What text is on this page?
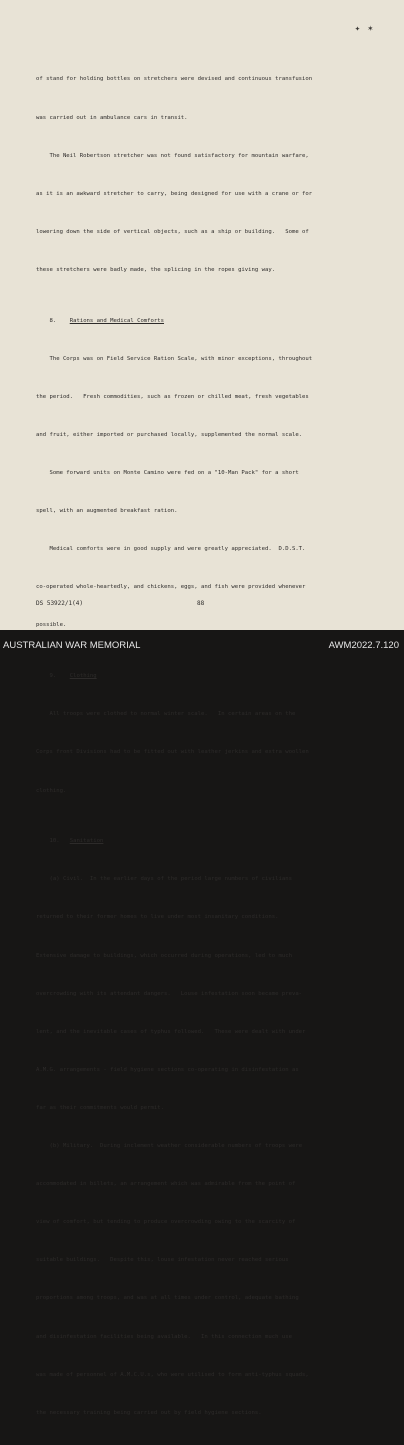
✦ ✶

of stand for holding bottles on stretchers were devised and continuous transfusion

was carried out in ambulance cars in transit.

The Neil Robertson stretcher was not found satisfactory for mountain warfare,

as it is an awkward stretcher to carry, being designed for use with a crane or for

lowering down the side of vertical objects, such as a ship or building.   Some of

these stretchers were badly made, the splicing in the ropes giving way.

8. Rations and Medical Comforts

The Corps was on Field Service Ration Scale, with minor exceptions, throughout

the period.   Fresh commodities, such as frozen or chilled meat, fresh vegetables

and fruit, either imported or purchased locally, supplemented the normal scale.

Some forward units on Monte Camino were fed on a "10-Man Pack" for a short

spell, with an augmented breakfast ration.

Medical comforts were in good supply and were greatly appreciated.  D.D.S.T.

co-operated whole-heartedly, and chickens, eggs, and fish were provided whenever

possible.

9. Clothing

All troops were clothed to normal winter scale.   In certain areas on the

Corps front Divisions had to be fitted out with leather jerkins and extra woollen

clothing.

10. Sanitation

(a) Civil.  In the earlier days of the period large numbers of civilians

returned to their former homes to live under most insanitary conditions.

Extensive damage to buildings, which occurred during operations, led to much

overcrowding with its attendant dangers.   Louse infestation soon became preva-

lent, and the inevitable cases of typhus followed.   These were dealt with under

A.M.G. arrangements - field hygiene sections co-operating in disinfestation as

far as their commitments would permit.

(b) Military.  During inclement weather considerable numbers of troops were

accommodated in billets, an arrangement which was admirable from the point of

view of comfort, but tending to produce overcrowding owing to the scarcity of

suitable buildings.   Despite this, louse infestation never reached serious

proportions among troops, and was at all times under control, adequate bathing

and disinfestation facilities being available.   In this connection much use

was made of personnel of A.M.C.U.s, who were utilised to form anti-typhus squads,

the necessary training being carried out by field hygiene sections.

DS 53922/1(4)	88
AUSTRALIAN WAR MEMORIAL	AWM2022.7.120
